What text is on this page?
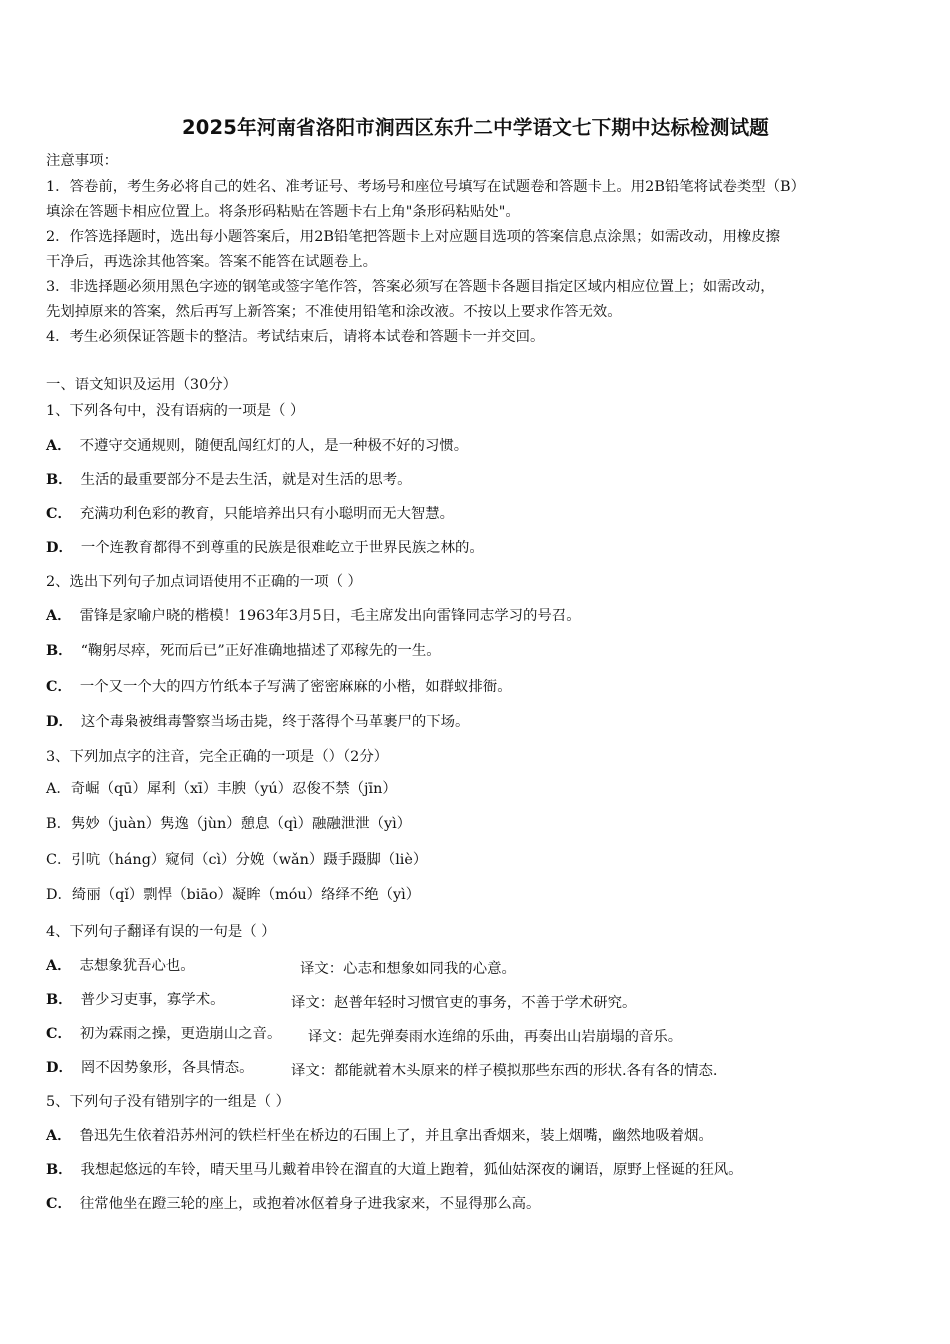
2025年河南省洛阳市涧西区东升二中学语文七下期中达标检测试题
注意事项：
1．答卷前，考生务必将自己的姓名、准考证号、考场号和座位号填写在试题卷和答题卡上。用2B铅笔将试卷类型（B）
填涂在答题卡相应位置上。将条形码粘贴在答题卡右上角"条形码粘贴处"。
2．作答选择题时，选出每小题答案后，用2B铅笔把答题卡上对应题目选项的答案信息点涂黑；如需改动，用橡皮擦
干净后，再选涂其他答案。答案不能答在试题卷上。
3．非选择题必须用黑色字迹的钢笔或签字笔作答，答案必须写在答题卡各题目指定区域内相应位置上；如需改动，
先划掉原来的答案，然后再写上新答案；不准使用铅笔和涂改液。不按以上要求作答无效。
4．考生必须保证答题卡的整洁。考试结束后，请将本试卷和答题卡一并交回。
一、语文知识及运用（30分）
1、下列各句中，没有语病的一项是（ ）
A． 不遵守交通规则，随便乱闯红灯的人，是一种极不好的习惯。
B． 生活的最重要部分不是去生活，就是对生活的思考。
C． 充满功利色彩的教育，只能培养出只有小聪明而无大智慧。
D． 一个连教育都得不到尊重的民族是很难屹立于世界民族之林的。
2、选出下列句子加点词语使用不正确的一项（ ）
A． 雷锋是家喻户晓的楷模！1963年3月5日，毛主席发出向雷锋同志学习的号召。
B． “鞠躬尽瘁，死而后已”正好准确地描述了邓稼先的一生。
C． 一个又一个大的四方竹纸本子写满了密密麻麻的小楷，如群蚁排衙。
D． 这个毒枭被缉毒警察当场击毙，终于落得个马革裹尸的下场。
3、下列加点字的注音，完全正确的一项是（）（2分）
A．奇崛（qū）犀利（xī）丰腴（yú）忍俊不禁（jīn）
B．隽妙（juàn）隽逸（jùn）憩息（qì）融融泄泄（yì）
C．引吭（háng）窥伺（cì）分娩（wǎn）蹑手蹑脚（liè）
D．绮丽（qǐ）剽悍（biāo）凝眸（móu）络绎不绝（yì）
4、下列句子翻译有误的一句是（ ）
A． 志想象犹吾心也。	译文：心志和想象如同我的心意。
B． 普少习吏事，寡学术。	译文：赵普年轻时习惯官吏的事务，不善于学术研究。
C． 初为霖雨之操，更造崩山之音。 译文：起先弹奏雨水连绵的乐曲，再奏出山岩崩塌的音乐。
D． 罔不因势象形，各具情态。	译文：都能就着木头原来的样子模拟那些东西的形状.各有各的情态.
5、下列句子没有错别字的一组是（ ）
A． 鲁迅先生依着沿苏州河的铁栏杆坐在桥边的石围上了，并且拿出香烟来，装上烟嘴，幽然地吸着烟。
B． 我想起悠远的车铃，晴天里马儿戴着串铃在溜直的大道上跑着，狐仙姑深夜的谰语，原野上怪诞的狂风。
C． 往常他坐在蹬三轮的座上，或抱着冰伛着身子进我家来，不显得那么高。
